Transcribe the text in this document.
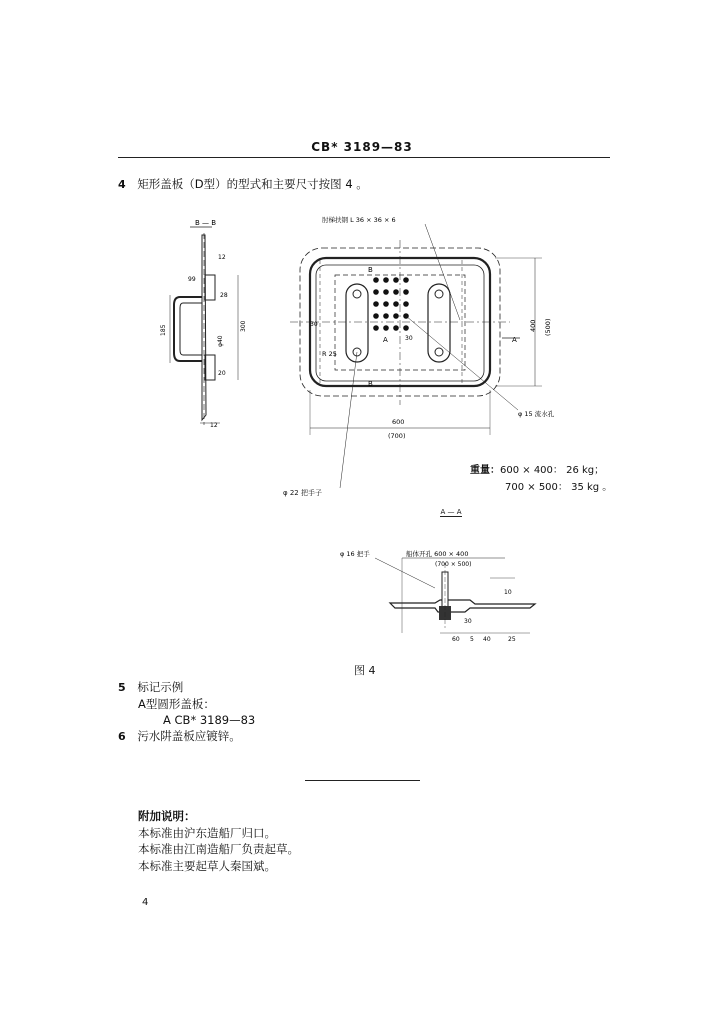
CB* 3189—83
4 矩形盖板（D型）的型式和主要尺寸按图 4 。
B — B
185	300
12
99
28
φ40
20
12
肘梯扶钢 L 36 × 36 × 6
B
B
A	A
30
30
R 25
400 (500)
600
(700)
φ 15 流水孔
φ 22 把手子
重量：600 × 400： 26 kg；
700 × 500： 35 kg 。
A — A
φ 16 把手	船体开孔 600 × 400
(700 × 500)
10
30
60 5 40	25
图 4
5 标记示例
A型圆形盖板：
A CB* 3189—83
6 污水阱盖板应镀锌。
附加说明：
本标准由沪东造船厂归口。
本标准由江南造船厂负责起草。
本标准主要起草人秦国斌。
4
